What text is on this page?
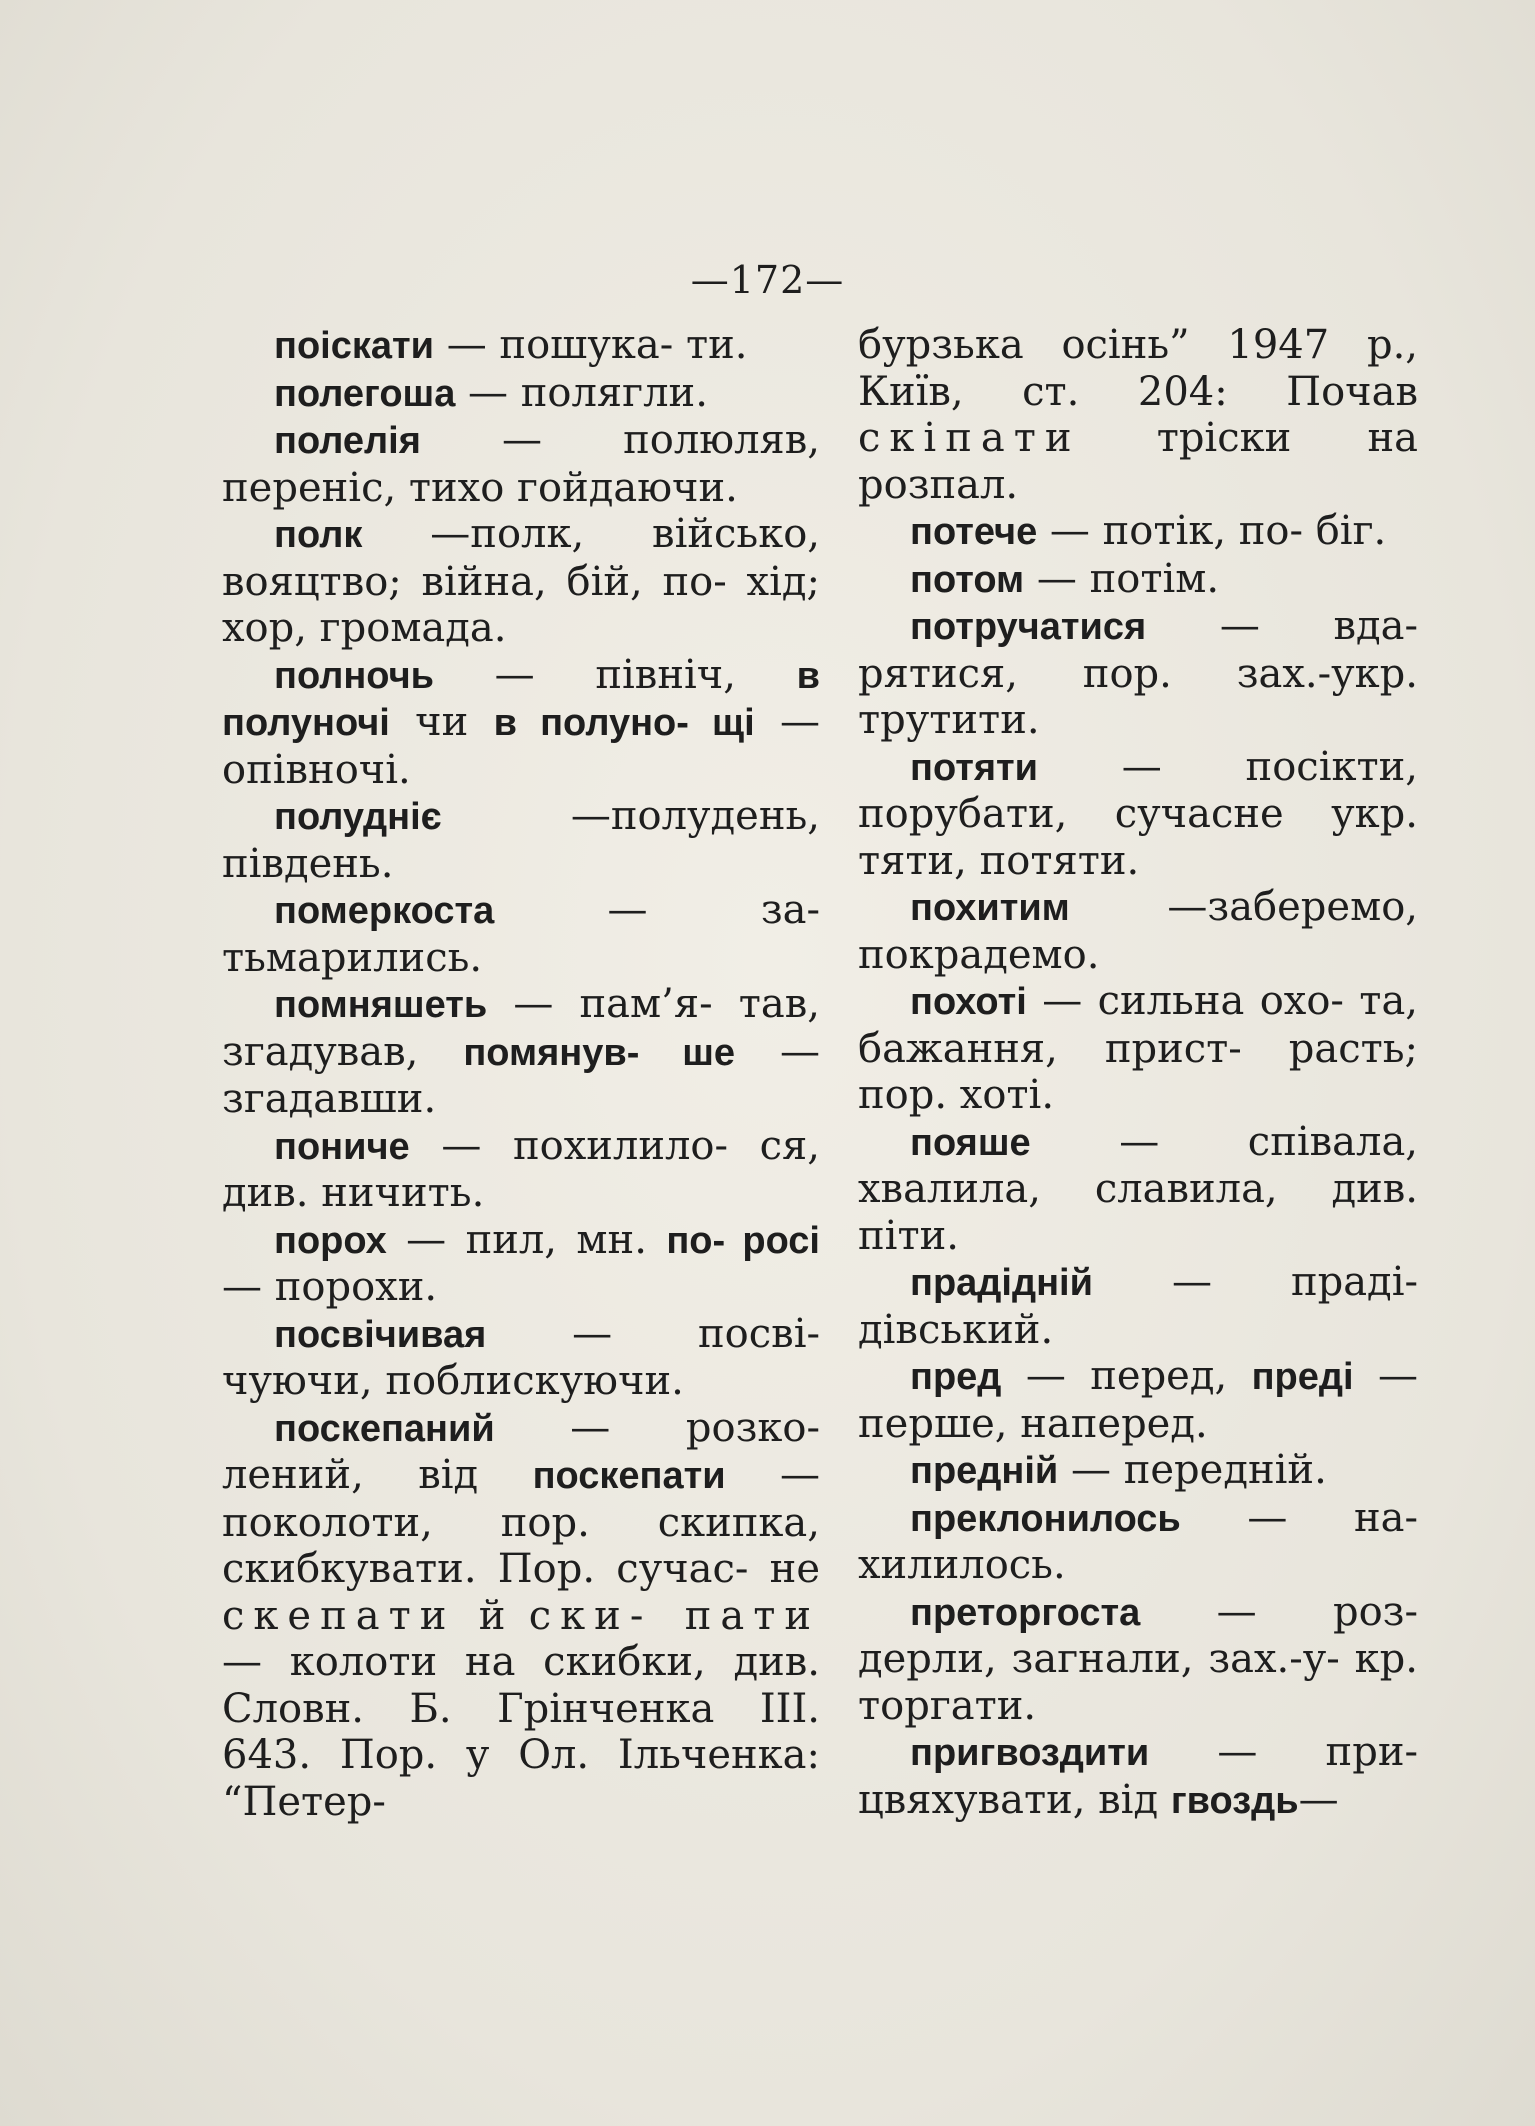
—172—

поіскати — пошука- ти.

полегоша — полягли.

полелія — полюляв, переніс, тихо гойдаючи.

полк —полк, військо, вояцтво; війна, бій, по- хід; хор, громада.

полночь — північ, в полуночі чи в полуно- щі — опівночі.

полудніє —полудень, південь.

померкоста — за- тьмарились.

помняшеть — пам’я- тав, згадував, помянув- ше — згадавши.

пониче — похилило- ся, див. ничить.

порох — пил, мн. по- росі — порохи.

посвічивая — посві- чуючи, поблискуючи.

поскепаний — розко- лений, від поскепати — поколоти, пор. скипка, скибкувати. Пор. сучас- не скепати й ски- пати — колоти на скибки, див. Словн. Б. Грінченка III. 643. Пор. у Ол. Ільченка: “Петер-

бурзька осінь” 1947 р., Київ, ст. 204: Почав скіпати тріски на розпал.

потече — потік, по- біг.

потом — потім.

потручатися — вда- рятися, пор. зах.-укр. трутити.

потяти — посікти, порубати, сучасне укр. тяти, потяти.

похитим —заберемо, покрадемо.

похоті — сильна охо- та, бажання, прист- расть; пор. хоті.

пояше — співала, хвалила, славила, див. піти.

прадідній — праді- дівський.

пред — перед, преді — перше, наперед.

предній — передній.

преклонилось — на- хилилось.

преторгоста — роз- дерли, загнали, зах.-у- кр. торгати.

пригвоздити — при- цвяхувати, від гвоздь—
